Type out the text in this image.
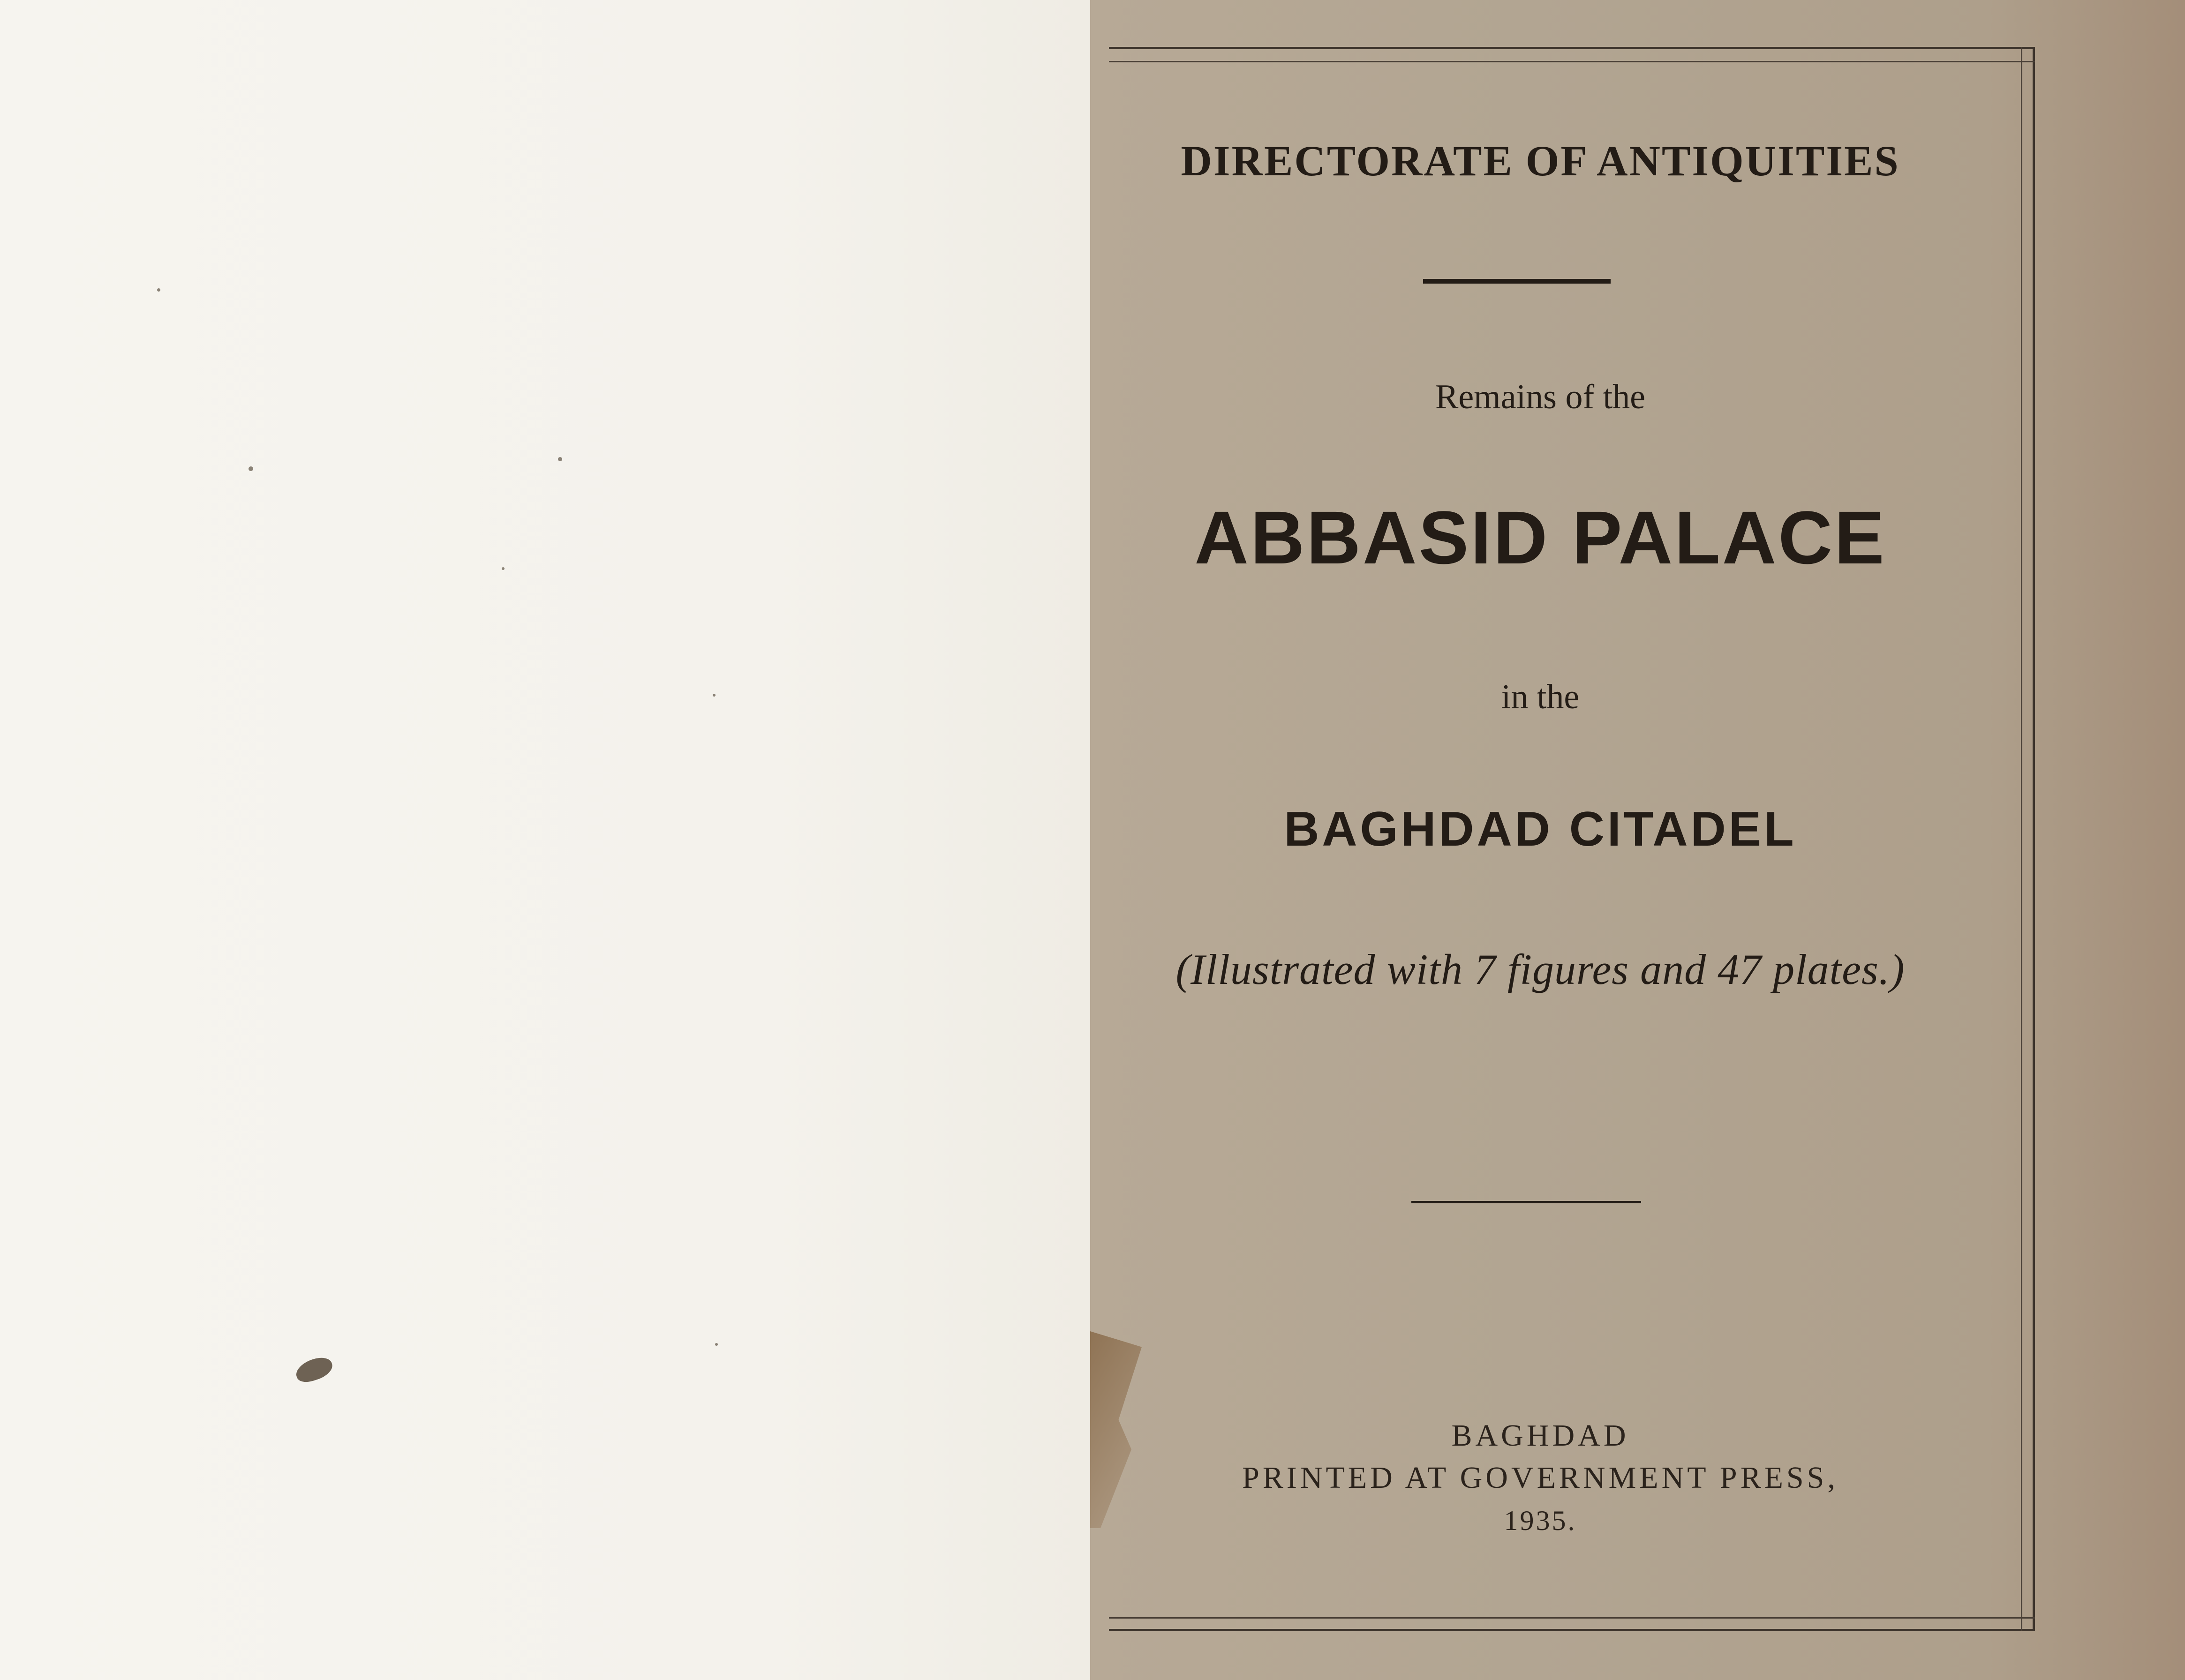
DIRECTORATE OF ANTIQUITIES
Remains of the
ABBASID PALACE
in the
BAGHDAD CITADEL
(Illustrated with 7 figures and 47 plates.)
BAGHDAD
PRINTED AT GOVERNMENT PRESS,
1935.
